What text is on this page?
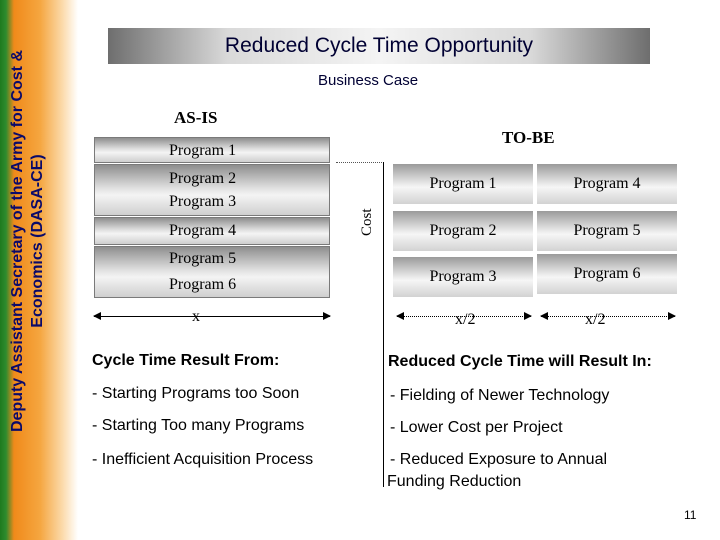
Deputy Assistant Secretary of the Army for Cost & Economics (DASA-CE)
Reduced Cycle Time Opportunity
Business Case
AS-IS
Program 1
Program 2
Program 3
Program 4
Program 5
Program 6
x
TO-BE
Cost
Program 1
Program 2
Program 3
Program 4
Program 5
Program 6
x/2	x/2
Cycle Time Result From:
- Starting Programs too Soon
- Starting Too many Programs
- Inefficient Acquisition Process
Reduced Cycle Time will Result In:
- Fielding of Newer Technology
- Lower Cost per Project
- Reduced Exposure to Annual
Funding Reduction
11
